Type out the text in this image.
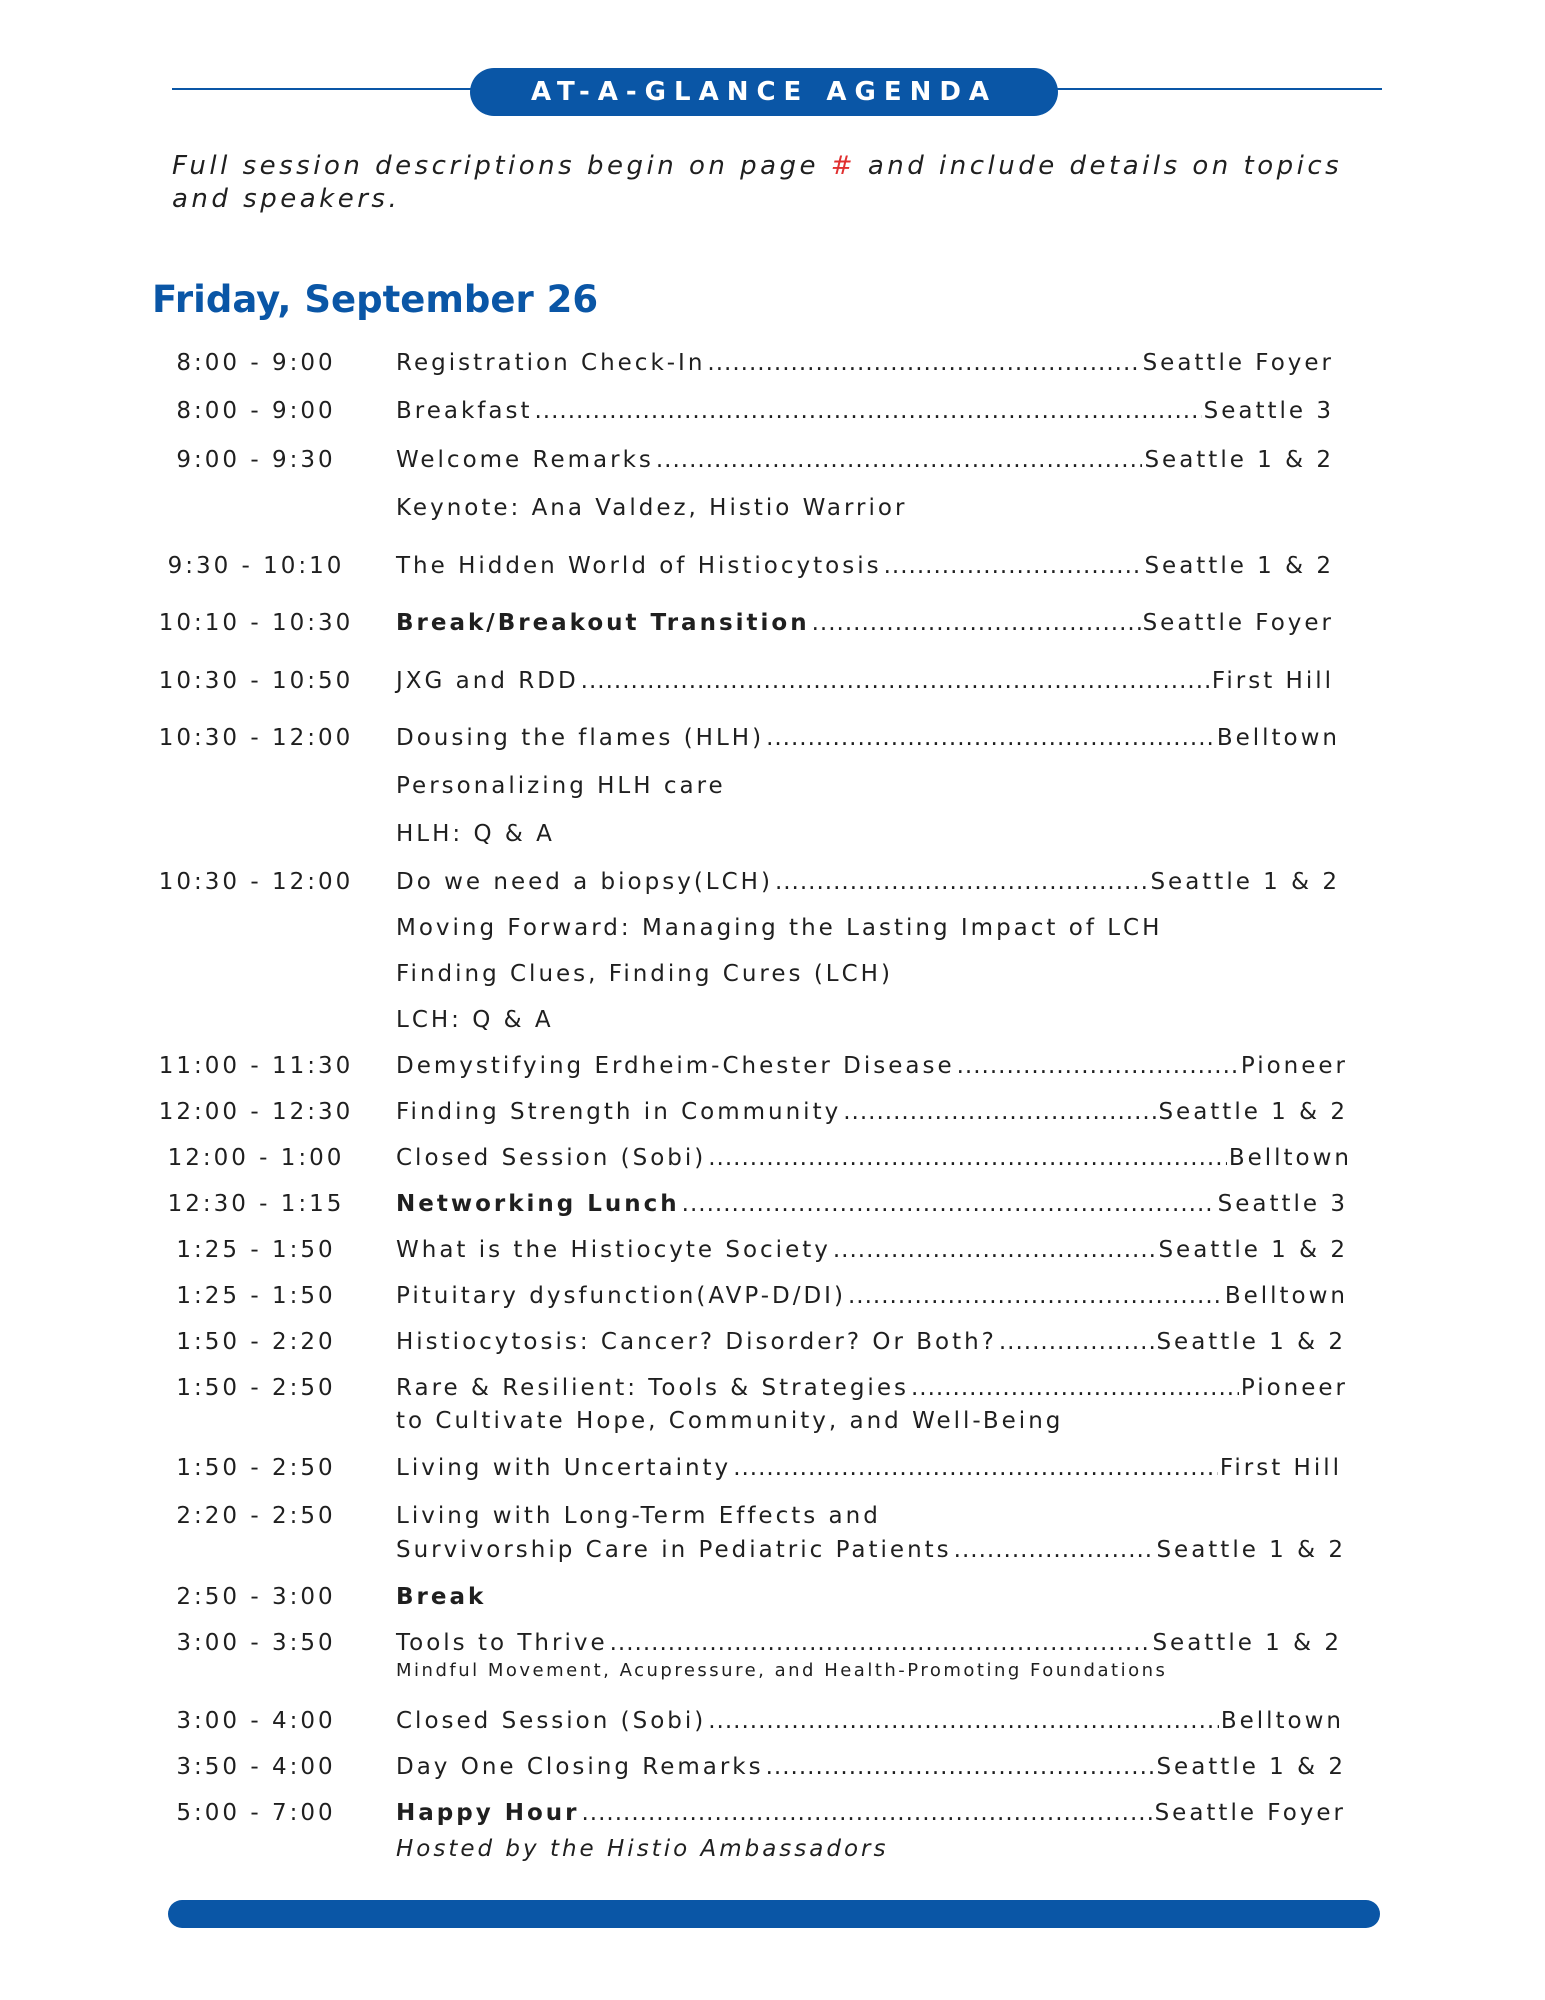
AT-A-GLANCE AGENDA
Full session descriptions begin on page # and include details on topics and speakers.
Friday, September 26
8:00 - 9:00	Registration Check-In .....	Seattle Foyer
8:00 - 9:00	Breakfast .....	Seattle 3
9:00 - 9:30	Welcome Remarks .....	Seattle 1 & 2
Keynote: Ana Valdez, Histio Warrior
9:30 - 10:10	The Hidden World of Histiocytosis .....	Seattle 1 & 2
10:10 - 10:30	Break/Breakout Transition .....	Seattle Foyer
10:30 - 10:50	JXG and RDD .....	First Hill
10:30 - 12:00	Dousing the flames (HLH) .....	Belltown
Personalizing HLH care
HLH: Q & A
10:30 - 12:00	Do we need a biopsy(LCH) .....	Seattle 1 & 2
Moving Forward: Managing the Lasting Impact of LCH
Finding Clues, Finding Cures (LCH)
LCH: Q & A
11:00 - 11:30	Demystifying Erdheim-Chester Disease .....	Pioneer
12:00 - 12:30	Finding Strength in Community .....	Seattle 1 & 2
12:00 - 1:00	Closed Session (Sobi) .....	Belltown
12:30 - 1:15	Networking Lunch .....	Seattle 3
1:25 - 1:50	What is the Histiocyte Society .....	Seattle 1 & 2
1:25 - 1:50	Pituitary dysfunction(AVP-D/DI) .....	Belltown
1:50 - 2:20	Histiocytosis: Cancer? Disorder? Or Both? .....	Seattle 1 & 2
1:50 - 2:50	Rare & Resilient: Tools & Strategies .....	Pioneer
to Cultivate Hope, Community, and Well-Being
1:50 - 2:50	Living with Uncertainty .....	First Hill
2:20 - 2:50	Living with Long-Term Effects and
Survivorship Care in Pediatric Patients .....	Seattle 1 & 2
2:50 - 3:00	Break
3:00 - 3:50	Tools to Thrive .....	Seattle 1 & 2
Mindful Movement, Acupressure, and Health-Promoting Foundations
3:00 - 4:00	Closed Session (Sobi) .....	Belltown
3:50 - 4:00	Day One Closing Remarks .....	Seattle 1 & 2
5:00 - 7:00	Happy Hour .....	Seattle Foyer
Hosted by the Histio Ambassadors
